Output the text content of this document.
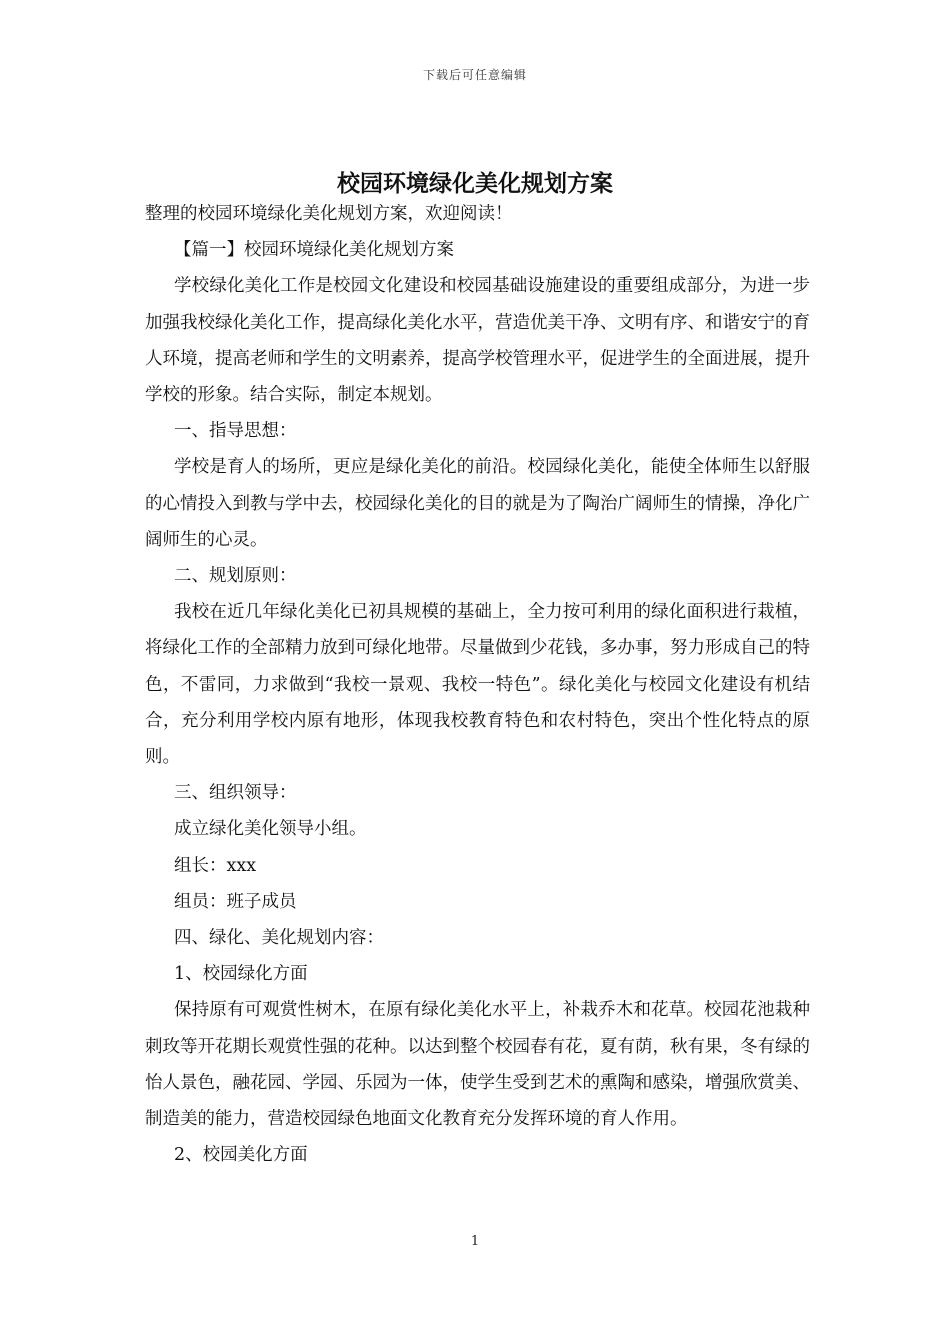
下载后可任意编辑
校园环境绿化美化规划方案

整理的校园环境绿化美化规划方案，欢迎阅读！

【篇一】校园环境绿化美化规划方案

学校绿化美化工作是校园文化建设和校园基础设施建设的重要组成部分，为进一步加强我校绿化美化工作，提高绿化美化水平，营造优美干净、文明有序、和谐安宁的育人环境，提高老师和学生的文明素养，提高学校管理水平，促进学生的全面进展，提升学校的形象。结合实际，制定本规划。

一、指导思想：

学校是育人的场所，更应是绿化美化的前沿。校园绿化美化，能使全体师生以舒服的心情投入到教与学中去，校园绿化美化的目的就是为了陶治广阔师生的情操，净化广阔师生的心灵。

二、规划原则：

我校在近几年绿化美化已初具规模的基础上，全力按可利用的绿化面积进行栽植，将绿化工作的全部精力放到可绿化地带。尽量做到少花钱，多办事，努力形成自己的特色，不雷同，力求做到“我校一景观、我校一特色”。绿化美化与校园文化建设有机结合，充分利用学校内原有地形，体现我校教育特色和农村特色，突出个性化特点的原则。

三、组织领导：

成立绿化美化领导小组。

组长：xxx

组员：班子成员

四、绿化、美化规划内容：

1、校园绿化方面

保持原有可观赏性树木，在原有绿化美化水平上，补栽乔木和花草。校园花池栽种刺玫等开花期长观赏性强的花种。以达到整个校园春有花，夏有荫，秋有果，冬有绿的怡人景色，融花园、学园、乐园为一体，使学生受到艺术的熏陶和感染，增强欣赏美、制造美的能力，营造校园绿色地面文化教育充分发挥环境的育人作用。

2、校园美化方面

1
